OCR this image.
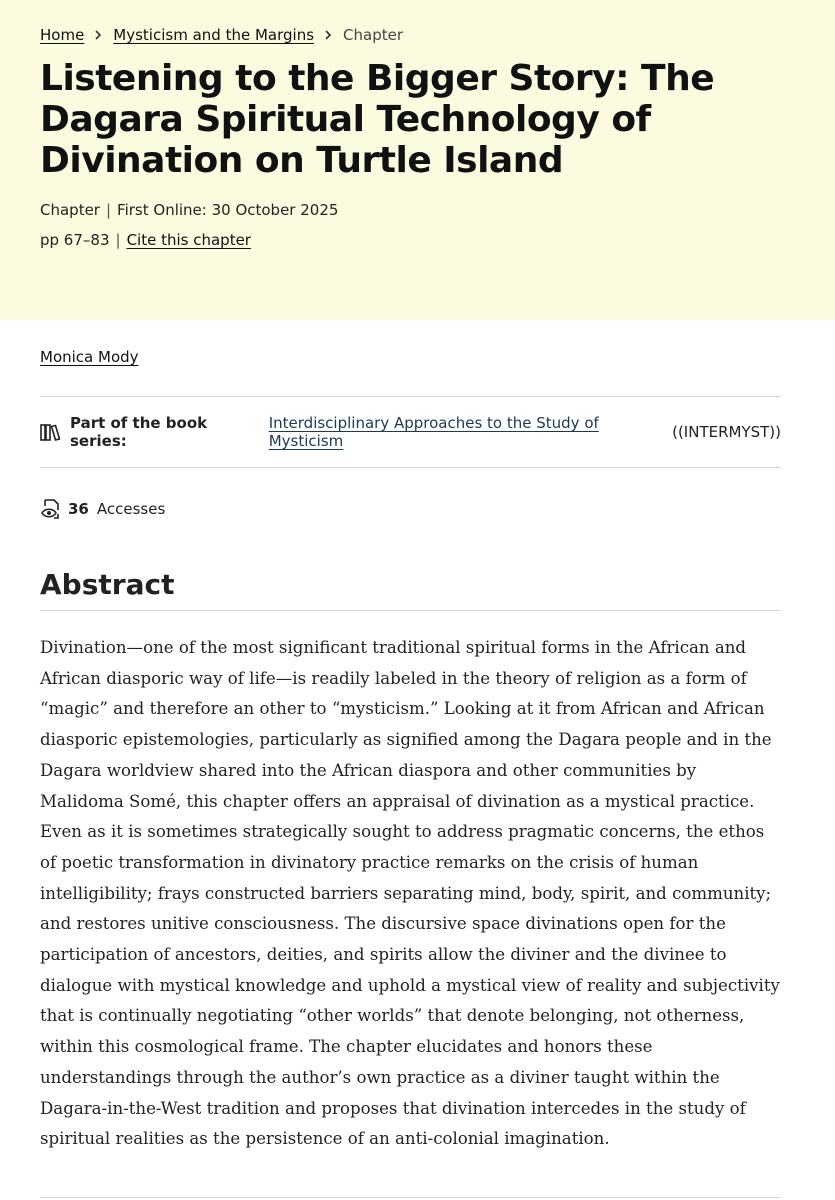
Home Mysticism and the Margins Chapter
Listening to the Bigger Story: The Dagara Spiritual Technology of Divination on Turtle Island
Chapter | First Online: 30 October 2025
pp 67–83 | Cite this chapter
Monica Mody
Part of the book series:
Interdisciplinary Approaches to the Study of Mysticism	((INTERMYST))
36 Accesses
Abstract

Divination—one of the most significant traditional spiritual forms in the African and African diasporic way of life—is readily labeled in the theory of religion as a form of “magic” and therefore an other to “mysticism.” Looking at it from African and African diasporic epistemologies, particularly as signified among the Dagara people and in the Dagara worldview shared into the African diaspora and other communities by Malidoma Somé, this chapter offers an appraisal of divination as a mystical practice. Even as it is sometimes strategically sought to address pragmatic concerns, the ethos of poetic transformation in divinatory practice remarks on the crisis of human intelligibility; frays constructed barriers separating mind, body, spirit, and community; and restores unitive consciousness. The discursive space divinations open for the participation of ancestors, deities, and spirits allow the diviner and the divinee to dialogue with mystical knowledge and uphold a mystical view of reality and subjectivity that is continually negotiating “other worlds” that denote belonging, not otherness, within this cosmological frame. The chapter elucidates and honors these understandings through the author’s own practice as a diviner taught within the Dagara-in-the-West tradition and proposes that divination intercedes in the study of spiritual realities as the persistence of an anti-colonial imagination.
